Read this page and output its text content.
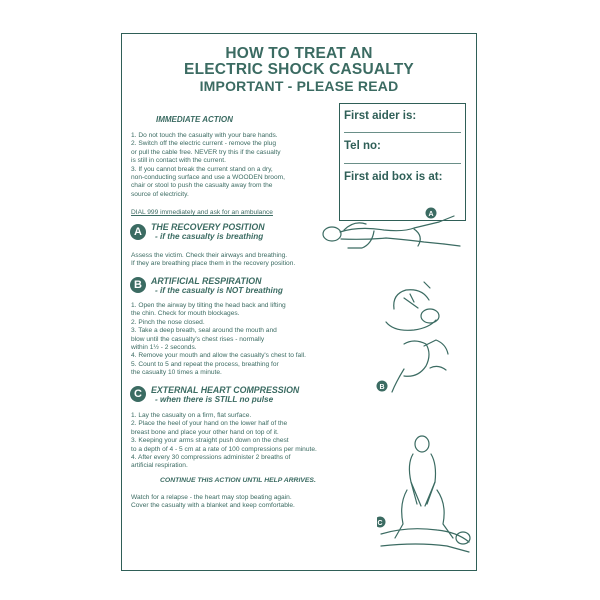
HOW TO TREAT AN
ELECTRIC SHOCK CASUALTY
IMPORTANT - PLEASE READ
First aider is:
Tel no:
First aid box is at:
IMMEDIATE ACTION
1. Do not touch the casualty with your bare hands.
2. Switch off the electric current - remove the plug
or pull the cable free. NEVER try this if the casualty
is still in contact with the current.
3. If you cannot break the current stand on a dry,
non-conducting surface and use a WOODEN broom,
chair or stool to push the casualty away from the
source of electricity.
DIAL 999 immediately and ask for an ambulance
A	THE RECOVERY POSITION
- if the casualty is breathing
Assess the victim. Check their airways and breathing.
If they are breathing place them in the recovery position.
B	ARTIFICIAL RESPIRATION
- if the casualty is NOT breathing
1. Open the airway by tilting the head back and lifting
the chin. Check for mouth blockages.
2. Pinch the nose closed.
3. Take a deep breath, seal around the mouth and
blow until the casualty's chest rises - normally
within 1½ - 2 seconds.
4. Remove your mouth and allow the casualty's chest to fall.
5. Count to 5 and repeat the process, breathing for
the casualty 10 times a minute.
C	EXTERNAL HEART COMPRESSION
- when there is STILL no pulse
1. Lay the casualty on a firm, flat surface.
2. Place the heel of your hand on the lower half of the
breast bone and place your other hand on top of it.
3. Keeping your arms straight push down on the chest
to a depth of 4 - 5 cm at a rate of 100 compressions per minute.
4. After every 30 compressions administer 2 breaths of
artificial respiration.
CONTINUE THIS ACTION UNTIL HELP ARRIVES.
Watch for a relapse - the heart may stop beating again.
Cover the casualty with a blanket and keep comfortable.
A
B
C
